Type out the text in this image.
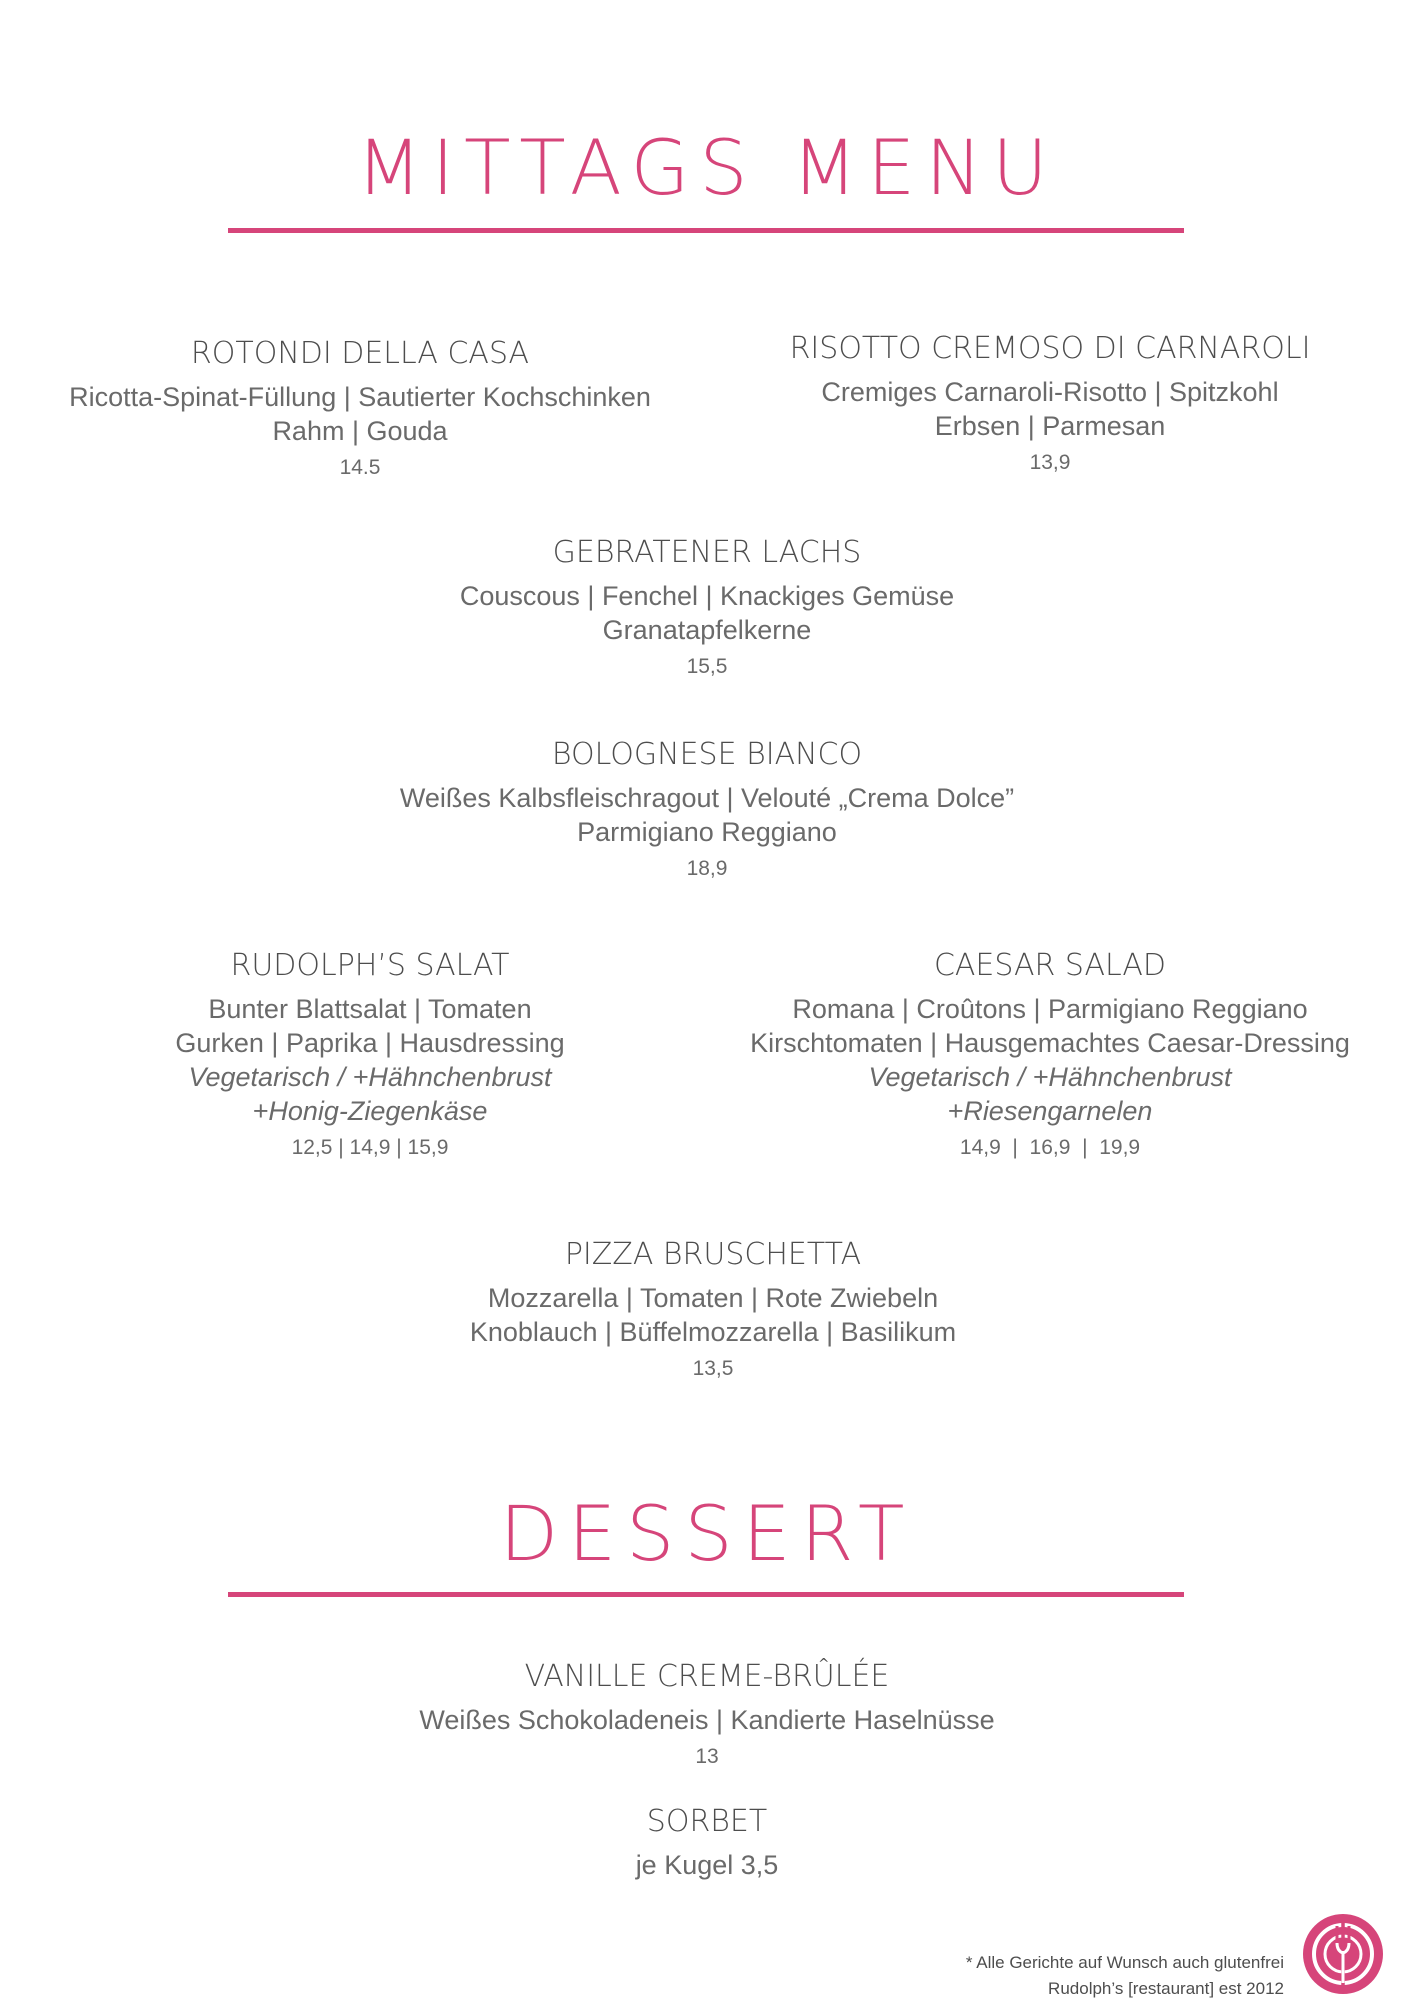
MITTAGS MENU
ROTONDI DELLA CASA
Ricotta-Spinat-Füllung | Sautierter Kochschinken
Rahm | Gouda
14.5
RISOTTO CREMOSO DI CARNAROLI
Cremiges Carnaroli-Risotto | Spitzkohl
Erbsen | Parmesan
13,9
GEBRATENER LACHS
Couscous | Fenchel | Knackiges Gemüse
Granatapfelkerne
15,5
BOLOGNESE BIANCO
Weißes Kalbsfleischragout | Velouté „Crema Dolce”
Parmigiano Reggiano
18,9
RUDOLPH’S SALAT
Bunter Blattsalat | Tomaten
Gurken | Paprika | Hausdressing
Vegetarisch / +Hähnchenbrust
+Honig-Ziegenkäse
12,5 | 14,9 | 15,9
CAESAR SALAD
Romana | Croûtons | Parmigiano Reggiano
Kirschtomaten | Hausgemachtes Caesar-Dressing
Vegetarisch / +Hähnchenbrust
+Riesengarnelen
14,9  |  16,9  |  19,9
PIZZA BRUSCHETTA
Mozzarella | Tomaten | Rote Zwiebeln
Knoblauch | Büffelmozzarella | Basilikum
13,5
DESSERT
VANILLE CREME-BRÛLÉE
Weißes Schokoladeneis | Kandierte Haselnüsse
13
SORBET
je Kugel 3,5
* Alle Gerichte auf Wunsch auch glutenfrei
Rudolph’s [restaurant] est 2012
